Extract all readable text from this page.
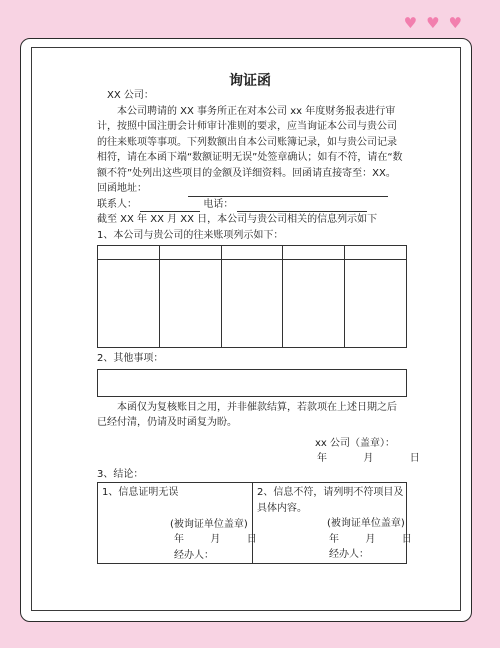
♥ ♥ ♥
询证函
XX 公司：
本公司聘请的 XX 事务所正在对本公司 xx 年度财务报表进行审
计，按照中国注册会计师审计准则的要求，应当询证本公司与贵公司
的往来账项等事项。下列数额出自本公司账簿记录，如与贵公司记录
相符，请在本函下端“数额证明无误”处签章确认；如有不符，请在“数
额不符”处列出这些项目的金额及详细资料。回函请直接寄至：XX。
回函地址：
联系人：	电话：
截至 XX 年 XX 月 XX 日，本公司与贵公司相关的信息列示如下
1、本公司与贵公司的往来账项列示如下：

2、其他事项：
本函仅为复核账目之用，并非催款结算，若款项在上述日期之后
已经付清，仍请及时函复为盼。
xx 公司（盖章）：
年	月	日
3、结论：
1、信息证明无误
(被询证单位盖章)
年	月	日
经办人：
2、信息不符，请列明不符项目及
具体内容。
(被询证单位盖章)
年	月	日
经办人：
